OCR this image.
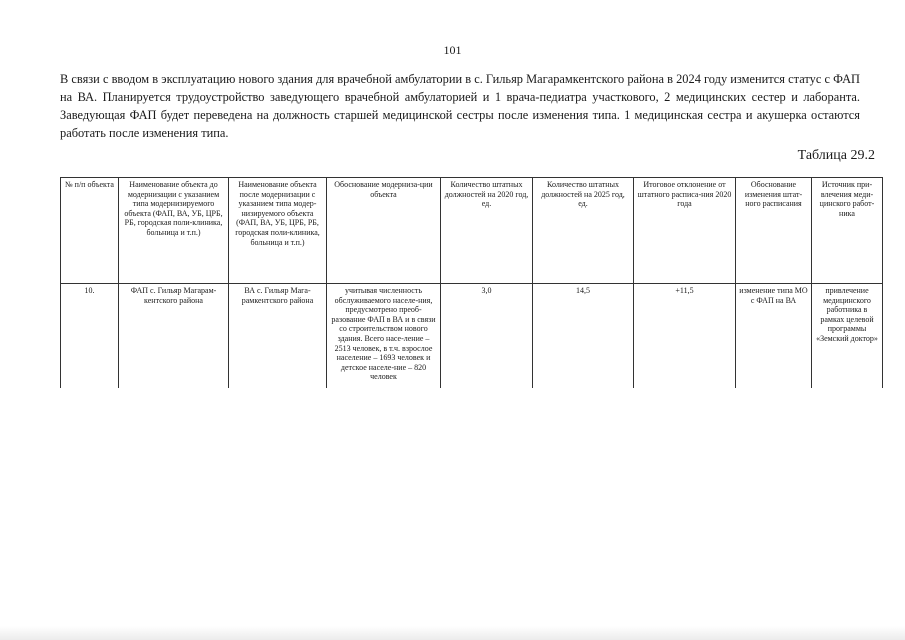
101

В связи с вводом в эксплуатацию нового здания для врачебной амбулатории в с. Гильяр Магарамкентского района в 2024 году изменится статус с ФАП на ВА. Планируется трудоустройство заведующего врачебной амбулаторией и 1 врача-педиатра участкового, 2 медицинских сестер и лаборанта. Заведующая ФАП будет переведена на должность старшей медицинской сестры после изменения типа. 1 медицинская сестра и акушерка остаются работать после изменения типа.

Таблица 29.2
№ п/п объекта	Наименование объекта до модернизации с указанием типа модернизируемого объекта (ФАП, ВА, УБ, ЦРБ, РБ, городская поли-клиника, больница и т.п.)	Наименование объекта после модернизации с указанием типа модер-низируемого объекта (ФАП, ВА, УБ, ЦРБ, РБ, городская поли-клиника, больница и т.п.)	Обоснование модерниза-ции объекта	Количество штатных должностей на 2020 год, ед.	Количество штатных должностей на 2025 год, ед.	Итоговое отклонение от штатного расписа-ния 2020 года	Обоснование изменения штат-ного расписания	Источник при-влечения меди-цинского работ-ника
10.	ФАП с. Гильяр Магарам-кентского района	ВА с. Гильяр Мага-рамкентского района	учитывая численность обслуживаемого населе-ния, предусмотрено преоб-разование ФАП в ВА и в связи со строительством нового здания. Всего насе-ление – 2513 человек, в т.ч. взрослое население – 1693 человек и детское населе-ние – 820 человек	3,0	14,5	+11,5	изменение типа МО с ФАП на ВА	привлечение медицинского работника в рамках целевой программы «Земский доктор»
